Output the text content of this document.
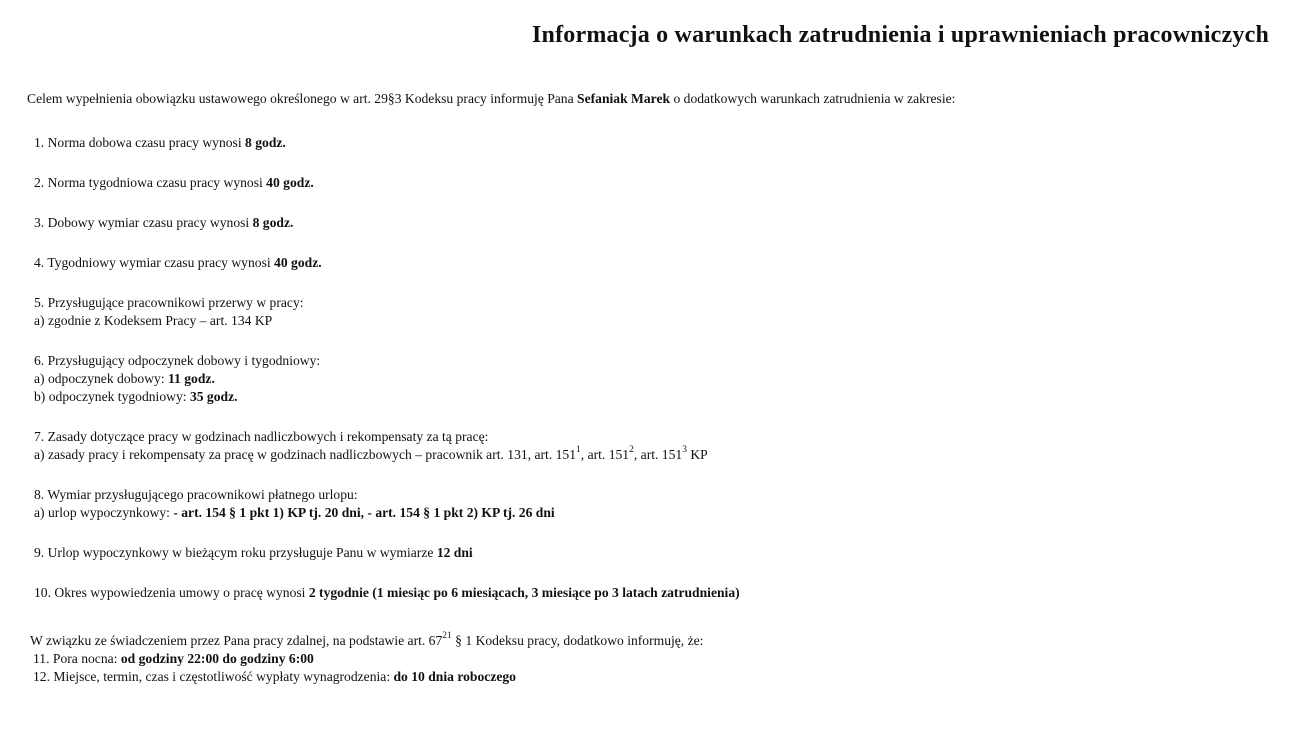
Informacja o warunkach zatrudnienia i uprawnieniach pracowniczych
Celem wypełnienia obowiązku ustawowego określonego w art. 29§3 Kodeksu pracy informuję Pana Sefaniak Marek o dodatkowych warunkach zatrudnienia w zakresie:
1. Norma dobowa czasu pracy wynosi 8 godz.
2. Norma tygodniowa czasu pracy wynosi 40 godz.
3. Dobowy wymiar czasu pracy wynosi 8 godz.
4. Tygodniowy wymiar czasu pracy wynosi 40 godz.
5. Przysługujące pracownikowi przerwy w pracy:
a) zgodnie z Kodeksem Pracy – art. 134 KP
6. Przysługujący odpoczynek dobowy i tygodniowy:
a) odpoczynek dobowy: 11 godz.
b) odpoczynek tygodniowy: 35 godz.
7. Zasady dotyczące pracy w godzinach nadliczbowych i rekompensaty za tą pracę:
a) zasady pracy i rekompensaty za pracę w godzinach nadliczbowych – pracownik art. 131, art. $151^1$, art. $151^2$, art. $151^3$ KP
8. Wymiar przysługującego pracownikowi płatnego urlopu:
a) urlop wypoczynkowy: - art. 154 § 1 pkt 1) KP tj. 20 dni, - art. 154 § 1 pkt 2) KP tj. 26 dni
9. Urlop wypoczynkowy w bieżącym roku przysługuje Panu w wymiarze 12 dni
10. Okres wypowiedzenia umowy o pracę wynosi 2 tygodnie (1 miesiąc po 6 miesiącach, 3 miesiące po 3 latach zatrudnienia)
W związku ze świadczeniem przez Pana pracy zdalnej, na podstawie art. $67^{21}$ § 1 Kodeksu pracy, dodatkowo informuję, że:
11. Pora nocna: od godziny 22:00 do godziny 6:00
12. Miejsce, termin, czas i częstotliwość wypłaty wynagrodzenia: do 10 dnia roboczego
